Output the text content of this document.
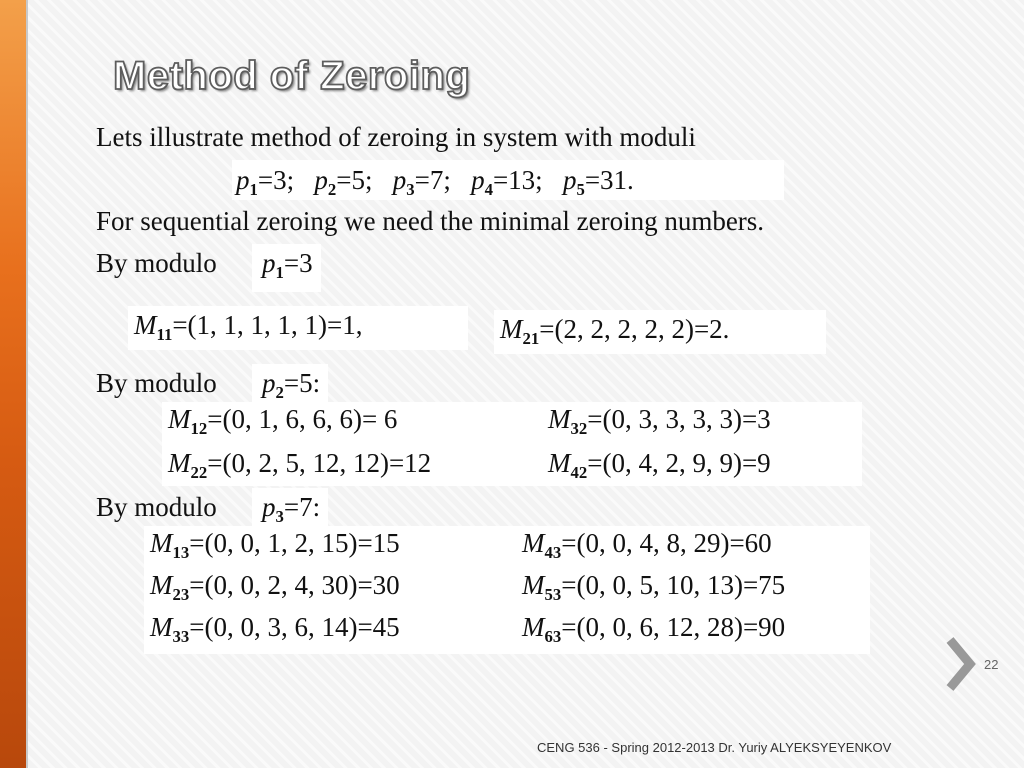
Method of Zeroing
Lets illustrate method of zeroing in system with moduli
$p_1=3$; $p_2=5$; $p_3=7$; $p_4=13$; $p_5=31$.
For sequential zeroing we need the minimal zeroing numbers.
By modulo	$p_1=3$
$M_{11}=(1$, 1, 1, 1, 1)=1,	$M_{21}=(2$, 2, 2, 2, 2)=2.
By modulo	$p_2=5$:
$M_{12}=(0$, 1, 6, 6, 6)= 6	$M_{32}=(0$, 3, 3, 3, 3)=3
$M_{22}=(0$, 2, 5, 12, 12)=12	$M_{42}=(0$, 4, 2, 9, 9)=9
By modulo	$p_3=7$:
$M_{13}=(0$, 0, 1, 2, 15)=15	$M_{43}=(0$, 0, 4, 8, 29)=60
$M_{23}=(0$, 0, 2, 4, 30)=30	$M_{53}=(0$, 0, 5, 10, 13)=75
$M_{33}=(0$, 0, 3, 6, 14)=45	$M_{63}=(0$, 0, 6, 12, 28)=90
22
CENG 536 - Spring 2012-2013 Dr. Yuriy ALYEKSYEYENKOV
